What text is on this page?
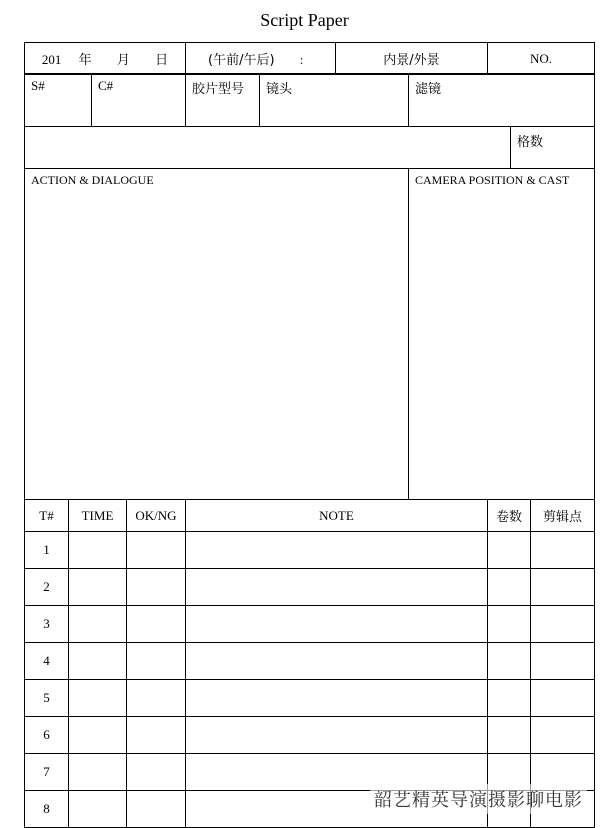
Script Paper
201 年 月 日	(午前/午后) :	内景/外景	NO.
S#	C#	胶片型号	镜头	滤镜	

					格数
ACTION & DIALOGUE	CAMERA POSITION & CAST
T#	TIME	OK/NG	NOTE	卷数	剪辑点
1					
2					
3					
4					
5					
6					
7					
8						韶艺精英导演摄影聊电影
